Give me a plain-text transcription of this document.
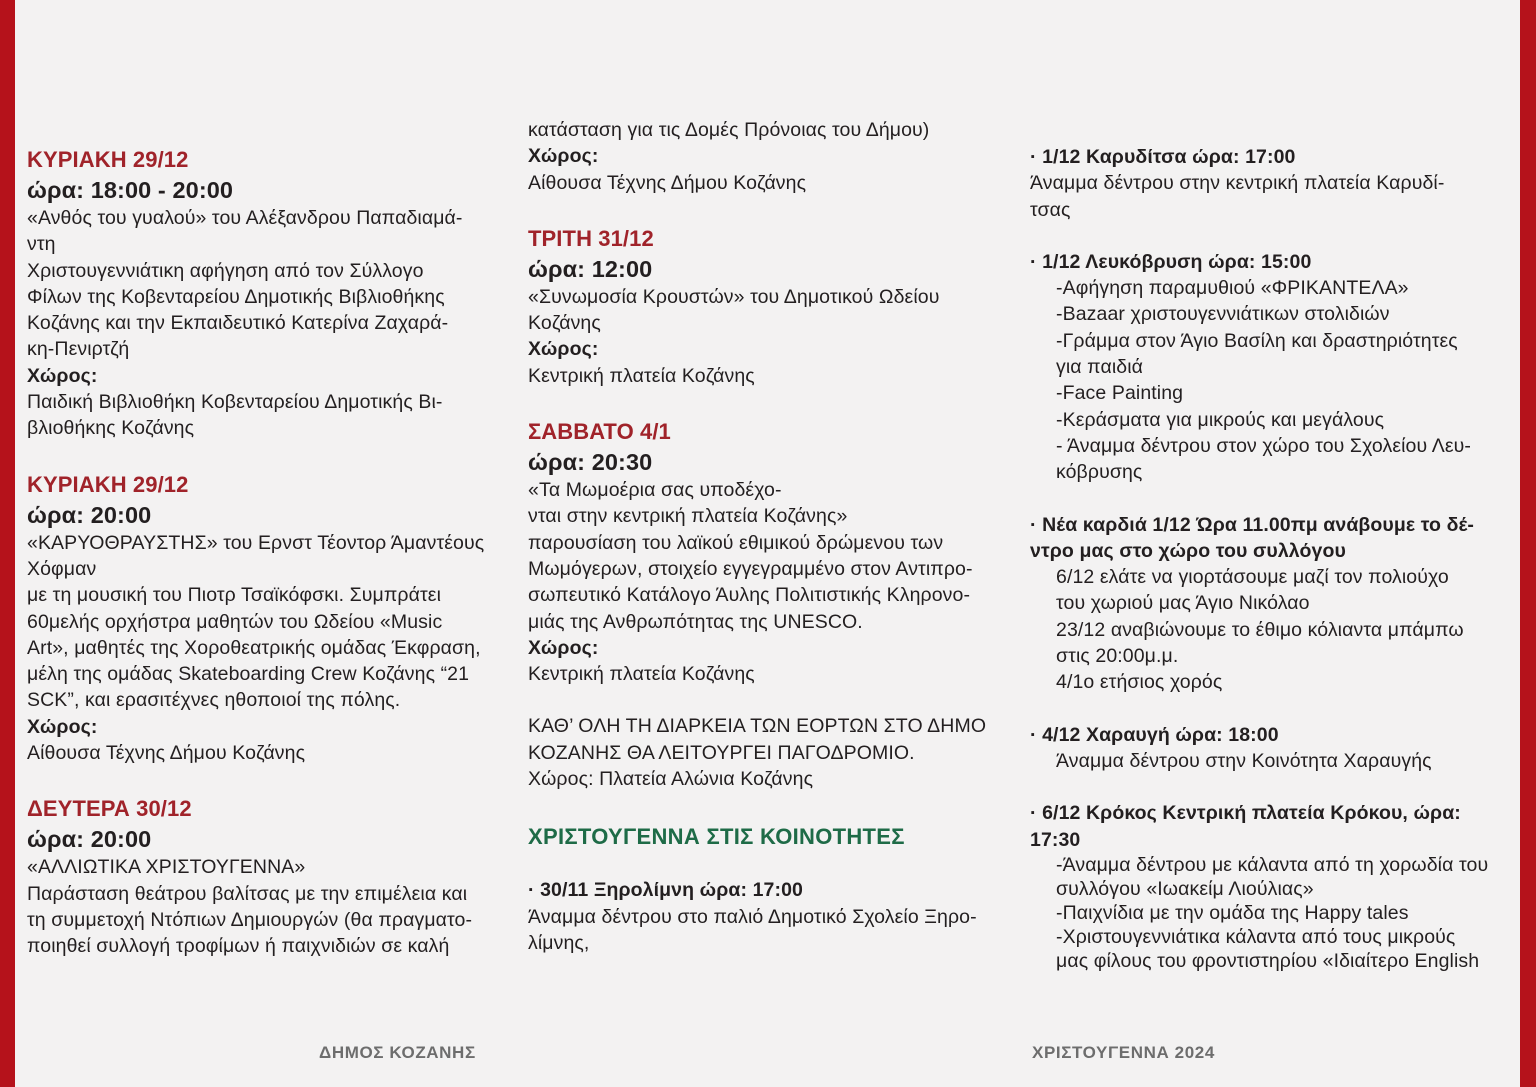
ΚΥΡΙΑΚΗ 29/12
ώρα: 18:00 - 20:00
«Ανθός του γυαλού» του Αλέξανδρου Παπαδιαμά-
ντη
Χριστουγεννιάτικη αφήγηση από τον Σύλλογο
Φίλων της Κοβενταρείου Δημοτικής Βιβλιοθήκης
Κοζάνης και την Εκπαιδευτικό Κατερίνα Ζαχαρά-
κη-Πενιρτζή
Χώρος:
Παιδική Βιβλιοθήκη Κοβενταρείου Δημοτικής Βι-
βλιοθήκης Κοζάνης
ΚΥΡΙΑΚΗ 29/12
ώρα: 20:00
«ΚΑΡΥΟΘΡΑΥΣΤΗΣ» του Ερνστ Τέοντορ Άμαντέους
Χόφμαν
με τη μουσική του Πιοτρ Τσαϊκόφσκι. Συμπράτει
60μελής ορχήστρα μαθητών του Ωδείου «Music
Art», μαθητές της Χοροθεατρικής ομάδας Έκφραση,
μέλη της ομάδας Skateboarding Crew Κοζάνης “21
SCK”, και ερασιτέχνες ηθοποιοί της πόλης.
Χώρος:
Αίθουσα Τέχνης Δήμου Κοζάνης
ΔΕΥΤΕΡΑ 30/12
ώρα: 20:00
«ΑΛΛΙΩΤΙΚΑ ΧΡΙΣΤΟΥΓΕΝΝΑ»
Παράσταση θεάτρου βαλίτσας με την επιμέλεια και
τη συμμετοχή Ντόπιων Δημιουργών (θα πραγματο-
ποιηθεί συλλογή τροφίμων ή παιχνιδιών σε καλή
κατάσταση για τις Δομές Πρόνοιας του Δήμου)
Χώρος:
Αίθουσα Τέχνης Δήμου Κοζάνης
ΤΡΙΤΗ 31/12
ώρα: 12:00
«Συνωμοσία Κρουστών» του Δημοτικού Ωδείου
Κοζάνης
Χώρος:
Κεντρική πλατεία Κοζάνης
ΣΑΒΒΑΤΟ 4/1
ώρα: 20:30
«Τα Μωμοέρια σας υποδέχο-
νται στην κεντρική πλατεία Κοζάνης»
παρουσίαση του λαϊκού εθιμικού δρώμενου των
Μωμόγερων, στοιχείο εγγεγραμμένο στον Αντιπρο-
σωπευτικό Κατάλογο Άυλης Πολιτιστικής Κληρονο-
μιάς της Ανθρωπότητας της UNESCO.
Χώρος:
Κεντρική πλατεία Κοζάνης
ΚΑΘ’ ΟΛΗ ΤΗ ΔΙΑΡΚΕΙΑ ΤΩΝ ΕΟΡΤΩΝ ΣΤΟ ΔΗΜΟ
ΚΟΖΑΝΗΣ ΘΑ ΛΕΙΤΟΥΡΓΕΙ ΠΑΓΟΔΡΟΜΙΟ.
Χώρος: Πλατεία Αλώνια Κοζάνης
ΧΡΙΣΤΟΥΓΕΝΝΑ ΣΤΙΣ ΚΟΙΝΟΤΗΤΕΣ
· 30/11 Ξηρολίμνη ώρα: 17:00
Άναμμα δέντρου στο παλιό Δημοτικό Σχολείο Ξηρο-
λίμνης,
· 1/12 Καρυδίτσα ώρα: 17:00
Άναμμα δέντρου στην κεντρική πλατεία Καρυδί-
τσας
· 1/12 Λευκόβρυση ώρα: 15:00
-Αφήγηση παραμυθιού «ΦΡΙΚΑΝΤΕΛΑ»
-Bazaar χριστουγεννιάτικων στολιδιών
-Γράμμα στον Άγιο Βασίλη και δραστηριότητες
για παιδιά
-Face Painting
-Κεράσματα για μικρούς και μεγάλους
- Άναμμα δέντρου στον χώρο του Σχολείου Λευ-
κόβρυσης
· Νέα καρδιά 1/12 Ώρα 11.00πμ ανάβουμε το δέ-
ντρο μας στο χώρο του συλλόγου
6/12 ελάτε να γιορτάσουμε μαζί τον πολιούχο
του χωριού μας Άγιο Νικόλαο
23/12 αναβιώνουμε το έθιμο κόλιαντα μπάμπω
στις 20:00μ.μ.
4/1ο ετήσιος χορός
· 4/12 Χαραυγή ώρα: 18:00
Άναμμα δέντρου στην Κοινότητα Χαραυγής
· 6/12 Κρόκος Κεντρική πλατεία Κρόκου, ώρα:
17:30
-Άναμμα δέντρου με κάλαντα από τη χορωδία του
συλλόγου «Ιωακείμ Λιούλιας»
-Παιχνίδια με την ομάδα της Happy tales
-Χριστουγεννιάτικα κάλαντα από τους μικρούς
μας φίλους του φροντιστηρίου «Ιδιαίτερο English
ΔΗΜΟΣ ΚΟΖΑΝΗΣ	ΧΡΙΣΤΟΥΓΕΝΝΑ 2024
